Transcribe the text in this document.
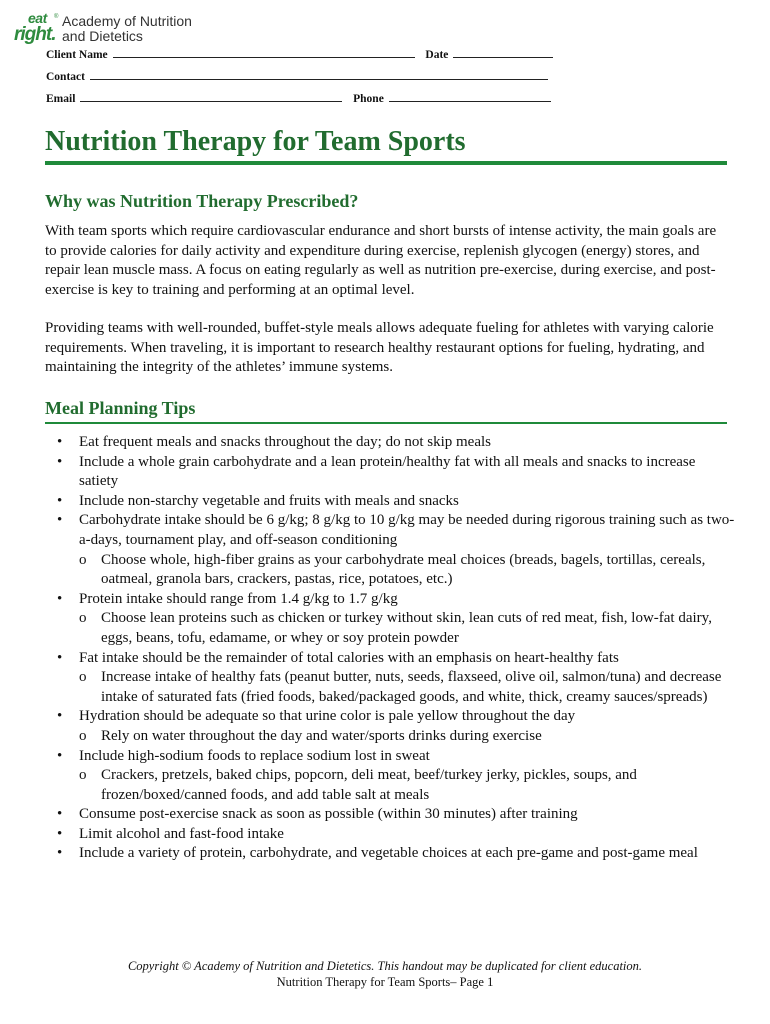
eat
right.
® Academy of Nutrition
and Dietetics
Client Name	Date
Contact
Email	Phone
Nutrition Therapy for Team Sports
Why was Nutrition Therapy Prescribed?

With team sports which require cardiovascular endurance and short bursts of intense activity, the main goals are to provide calories for daily activity and expenditure during exercise, replenish glycogen (energy) stores, and repair lean muscle mass. A focus on eating regularly as well as nutrition pre-exercise, during exercise, and post-exercise is key to training and performing at an optimal level.

Providing teams with well-rounded, buffet-style meals allows adequate fueling for athletes with varying calorie requirements. When traveling, it is important to research healthy restaurant options for fueling, hydrating, and maintaining the integrity of the athletes’ immune systems.

Meal Planning Tips
• Eat frequent meals and snacks throughout the day; do not skip meals
• Include a whole grain carbohydrate and a lean protein/healthy fat with all meals and snacks to increase satiety
• Include non-starchy vegetable and fruits with meals and snacks
• Carbohydrate intake should be 6 g/kg; 8 g/kg to 10 g/kg may be needed during rigorous training such as two-a-days, tournament play, and off-season conditioning
o Choose whole, high-fiber grains as your carbohydrate meal choices (breads, bagels, tortillas, cereals, oatmeal, granola bars, crackers, pastas, rice, potatoes, etc.)
• Protein intake should range from 1.4 g/kg to 1.7 g/kg
o Choose lean proteins such as chicken or turkey without skin, lean cuts of red meat, fish, low-fat dairy, eggs, beans, tofu, edamame, or whey or soy protein powder
• Fat intake should be the remainder of total calories with an emphasis on heart-healthy fats
o Increase intake of healthy fats (peanut butter, nuts, seeds, flaxseed, olive oil, salmon/tuna) and decrease intake of saturated fats (fried foods, baked/packaged goods, and white, thick, creamy sauces/spreads)
• Hydration should be adequate so that urine color is pale yellow throughout the day
o Rely on water throughout the day and water/sports drinks during exercise
• Include high-sodium foods to replace sodium lost in sweat
o Crackers, pretzels, baked chips, popcorn, deli meat, beef/turkey jerky, pickles, soups, and frozen/boxed/canned foods, and add table salt at meals
• Consume post-exercise snack as soon as possible (within 30 minutes) after training
• Limit alcohol and fast-food intake
• Include a variety of protein, carbohydrate, and vegetable choices at each pre-game and post-game meal
Copyright © Academy of Nutrition and Dietetics. This handout may be duplicated for client education.
Nutrition Therapy for Team Sports– Page 1
